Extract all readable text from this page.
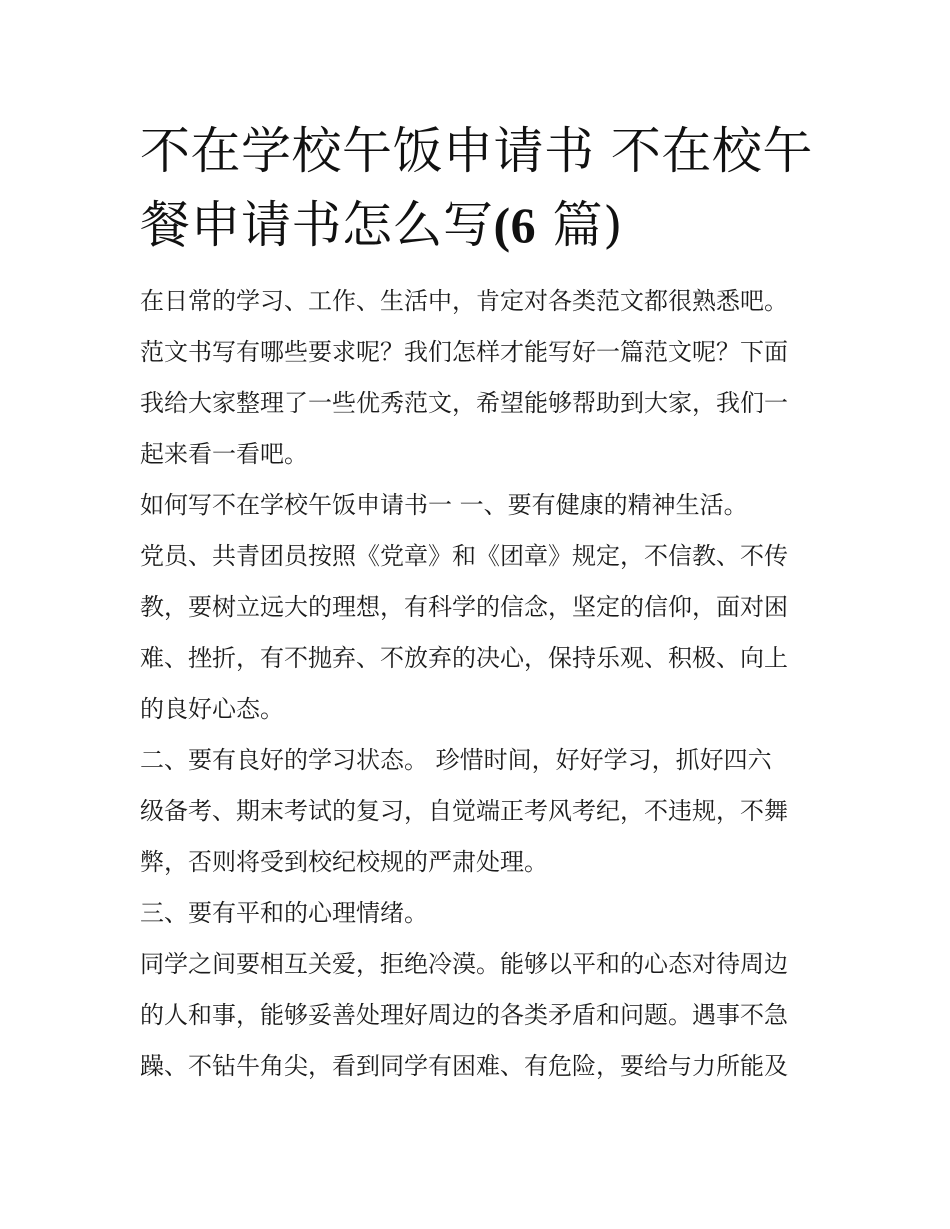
不在学校午饭申请书 不在校午
餐申请书怎么写(6 篇)

在日常的学习、工作、生活中，肯定对各类范文都很熟悉吧。
范文书写有哪些要求呢？我们怎样才能写好一篇范文呢？下面
我给大家整理了一些优秀范文，希望能够帮助到大家，我们一
起来看一看吧。

如何写不在学校午饭申请书一 一、要有健康的精神生活。

党员、共青团员按照《党章》和《团章》规定，不信教、不传
教，要树立远大的理想，有科学的信念，坚定的信仰，面对困
难、挫折，有不抛弃、不放弃的决心，保持乐观、积极、向上
的良好心态。

二、要有良好的学习状态。 珍惜时间，好好学习，抓好四六
级备考、期末考试的复习，自觉端正考风考纪，不违规，不舞
弊，否则将受到校纪校规的严肃处理。

三、要有平和的心理情绪。

同学之间要相互关爱，拒绝冷漠。能够以平和的心态对待周边
的人和事，能够妥善处理好周边的各类矛盾和问题。遇事不急
躁、不钻牛角尖，看到同学有困难、有危险，要给与力所能及
